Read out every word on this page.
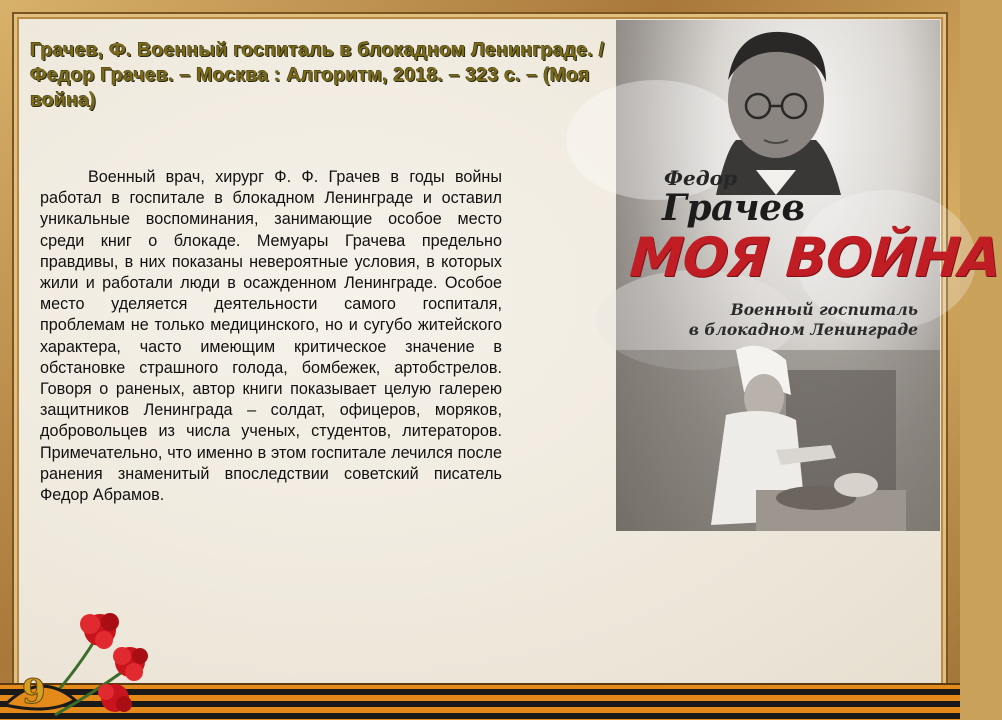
Грачев, Ф. Военный госпиталь в блокадном Ленинграде. / Федор Грачев. – Москва : Алгоритм, 2018. – 323 с. – (Моя война)

Военный врач, хирург Ф. Ф. Грачев в годы войны работал в госпитале в блокадном Ленинграде и оставил уникальные воспоминания, занимающие особое место среди книг о блокаде. Мемуары Грачева предельно правдивы, в них показаны невероятные условия, в которых жили и работали люди в осажденном Ленинграде. Особое место уделяется деятельности самого госпиталя, проблемам не только медицинского, но и сугубо житейского характера, часто имеющим критическое значение в обстановке страшного голода, бомбежек, артобстрелов. Говоря о раненых, автор книги показывает целую галерею защитников Ленинграда – солдат, офицеров, моряков, добровольцев из числа ученых, студентов, литераторов. Примечательно, что именно в этом госпитале лечился после ранения знаменитый впоследствии советский писатель Федор Абрамов.

Федор
Грачев
МОЯ ВОЙНА
Военный госпиталь
в блокадном Ленинграде
9
